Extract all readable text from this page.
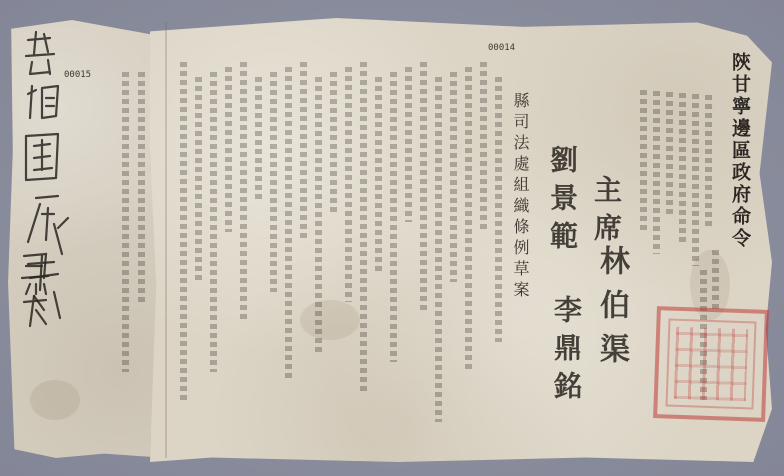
00014
00015	陝甘寧邊區政府命令
縣司法處組織條例草案 主席
林伯渠
劉景範
李鼎銘
